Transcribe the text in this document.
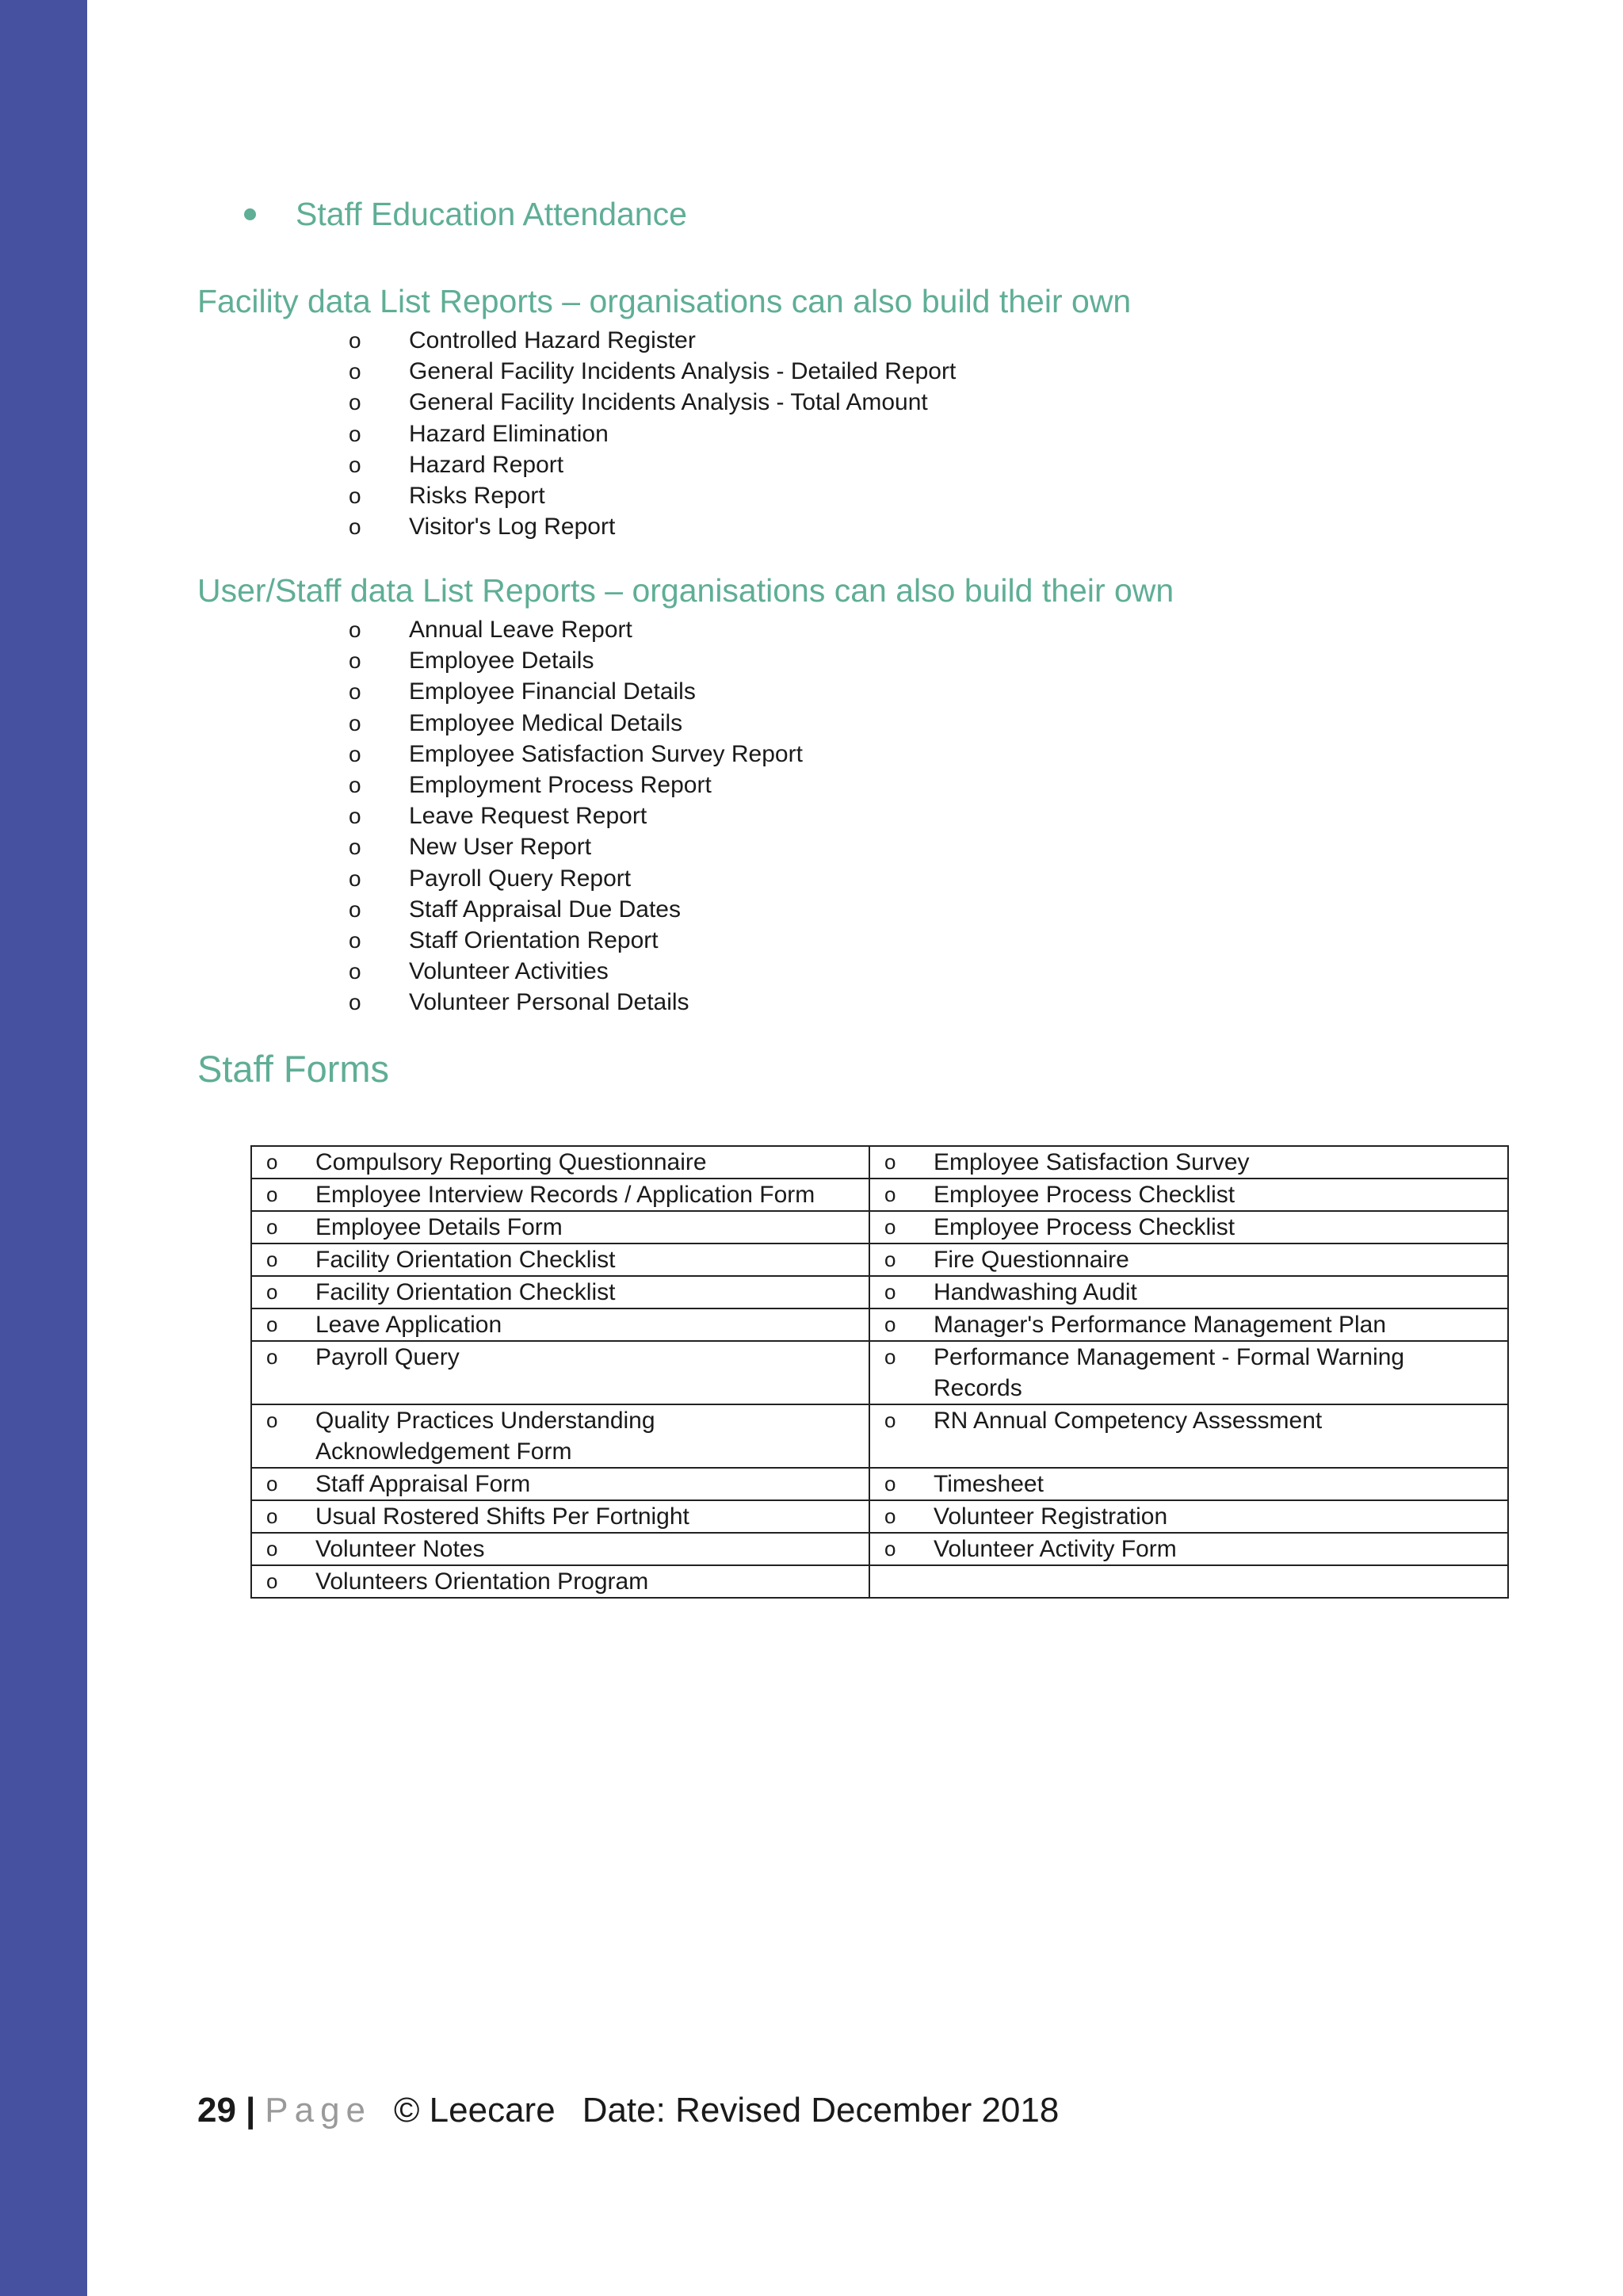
Staff Education Attendance
Facility data List Reports – organisations can also build their own
o	Controlled Hazard Register
o	General Facility Incidents Analysis - Detailed Report
o	General Facility Incidents Analysis - Total Amount
o	Hazard Elimination
o	Hazard Report
o	Risks Report
o	Visitor's Log Report
User/Staff data List Reports – organisations can also build their own
o	Annual Leave Report
o	Employee Details
o	Employee Financial Details
o	Employee Medical Details
o	Employee Satisfaction Survey Report
o	Employment Process Report
o	Leave Request Report
o	New User Report
o	Payroll Query Report
o	Staff Appraisal Due Dates
o	Staff Orientation Report
o	Volunteer Activities
o	Volunteer Personal Details
Staff Forms
o Compulsory Reporting Questionnaire	o Employee Satisfaction Survey

o Employee Interview Records / Application Form	o Employee Process Checklist

o Employee Details Form	o Employee Process Checklist

o Facility Orientation Checklist	o Fire Questionnaire

o Facility Orientation Checklist	o Handwashing Audit

o Leave Application	o Manager's Performance Management Plan

o Payroll Query	o Performance Management - Formal Warning Records

o Quality Practices Understanding Acknowledgement Form	o RN Annual Competency Assessment

o Staff Appraisal Form	o Timesheet

o Usual Rostered Shifts Per Fortnight	o Volunteer Registration

o Volunteer Notes	o Volunteer Activity Form

o Volunteers Orientation Program	

29 | Page © Leecare Date: Revised December 2018
